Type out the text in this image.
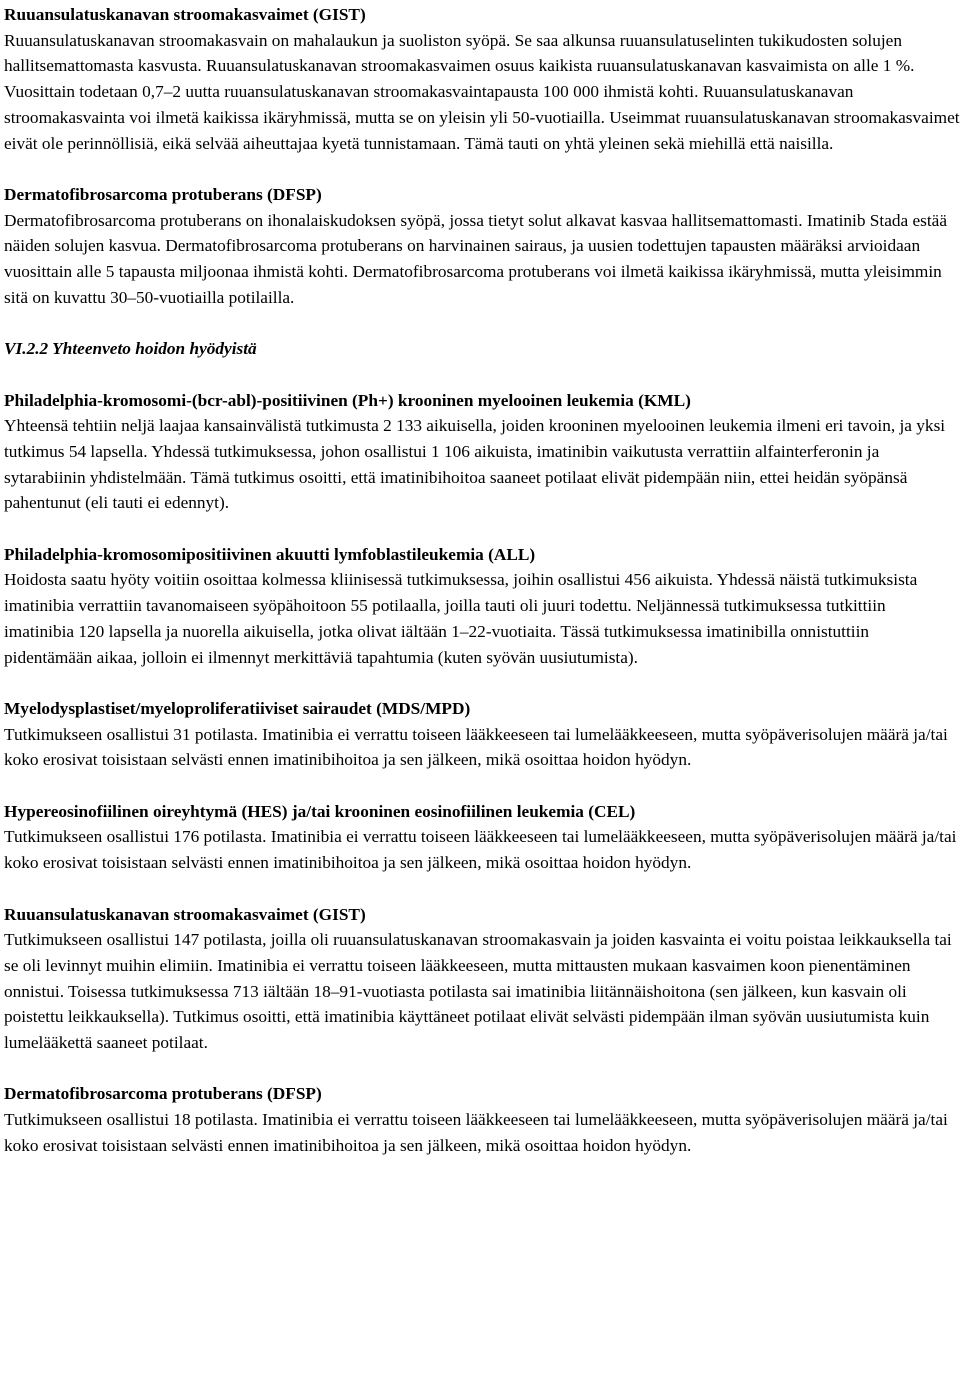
Ruuansulatuskanavan stroomakasvaimet (GIST)

Ruuansulatuskanavan stroomakasvain on mahalaukun ja suoliston syöpä. Se saa alkunsa ruuansulatuselinten tukikudosten solujen hallitsemattomasta kasvusta. Ruuansulatuskanavan stroomakasvaimen osuus kaikista ruuansulatuskanavan kasvaimista on alle 1 %. Vuosittain todetaan 0,7–2 uutta ruuansulatuskanavan stroomakasvaintapausta 100 000 ihmistä kohti. Ruuansulatuskanavan stroomakasvainta voi ilmetä kaikissa ikäryhmissä, mutta se on yleisin yli 50-vuotiailla. Useimmat ruuansulatuskanavan stroomakasvaimet eivät ole perinnöllisiä, eikä selvää aiheuttajaa kyetä tunnistamaan. Tämä tauti on yhtä yleinen sekä miehillä että naisilla.

Dermatofibrosarcoma protuberans (DFSP)

Dermatofibrosarcoma protuberans on ihonalaiskudoksen syöpä, jossa tietyt solut alkavat kasvaa hallitsemattomasti. Imatinib Stada estää näiden solujen kasvua. Dermatofibrosarcoma protuberans on harvinainen sairaus, ja uusien todettujen tapausten määräksi arvioidaan vuosittain alle 5 tapausta miljoonaa ihmistä kohti. Dermatofibrosarcoma protuberans voi ilmetä kaikissa ikäryhmissä, mutta yleisimmin sitä on kuvattu 30–50-vuotiailla potilailla.

VI.2.2 Yhteenveto hoidon hyödyistä

Philadelphia-kromosomi-(bcr-abl)-positiivinen (Ph+) krooninen myelooinen leukemia (KML)

Yhteensä tehtiin neljä laajaa kansainvälistä tutkimusta 2 133 aikuisella, joiden krooninen myelooinen leukemia ilmeni eri tavoin, ja yksi tutkimus 54 lapsella. Yhdessä tutkimuksessa, johon osallistui 1 106 aikuista, imatinibin vaikutusta verrattiin alfainterferonin ja sytarabiinin yhdistelmään. Tämä tutkimus osoitti, että imatinibihoitoa saaneet potilaat elivät pidempään niin, ettei heidän syöpänsä pahentunut (eli tauti ei edennyt).

Philadelphia-kromosomipositiivinen akuutti lymfoblastileukemia (ALL)

Hoidosta saatu hyöty voitiin osoittaa kolmessa kliinisessä tutkimuksessa, joihin osallistui 456 aikuista. Yhdessä näistä tutkimuksista imatinibia verrattiin tavanomaiseen syöpähoitoon 55 potilaalla, joilla tauti oli juuri todettu. Neljännessä tutkimuksessa tutkittiin imatinibia 120 lapsella ja nuorella aikuisella, jotka olivat iältään 1–22-vuotiaita. Tässä tutkimuksessa imatinibilla onnistuttiin pidentämään aikaa, jolloin ei ilmennyt merkittäviä tapahtumia (kuten syövän uusiutumista).

Myelodysplastiset/myeloproliferatiiviset sairaudet (MDS/MPD)

Tutkimukseen osallistui 31 potilasta. Imatinibia ei verrattu toiseen lääkkeeseen tai lumelääkkeeseen, mutta syöpäverisolujen määrä ja/tai koko erosivat toisistaan selvästi ennen imatinibihoitoa ja sen jälkeen, mikä osoittaa hoidon hyödyn.

Hypereosinofiilinen oireyhtymä (HES) ja/tai krooninen eosinofiilinen leukemia (CEL)

Tutkimukseen osallistui 176 potilasta. Imatinibia ei verrattu toiseen lääkkeeseen tai lumelääkkeeseen, mutta syöpäverisolujen määrä ja/tai koko erosivat toisistaan selvästi ennen imatinibihoitoa ja sen jälkeen, mikä osoittaa hoidon hyödyn.

Ruuansulatuskanavan stroomakasvaimet (GIST)

Tutkimukseen osallistui 147 potilasta, joilla oli ruuansulatuskanavan stroomakasvain ja joiden kasvainta ei voitu poistaa leikkauksella tai se oli levinnyt muihin elimiin. Imatinibia ei verrattu toiseen lääkkeeseen, mutta mittausten mukaan kasvaimen koon pienentäminen onnistui. Toisessa tutkimuksessa 713 iältään 18–91-vuotiasta potilasta sai imatinibia liitännäishoitona (sen jälkeen, kun kasvain oli poistettu leikkauksella). Tutkimus osoitti, että imatinibia käyttäneet potilaat elivät selvästi pidempään ilman syövän uusiutumista kuin lumelääkettä saaneet potilaat.

Dermatofibrosarcoma protuberans (DFSP)

Tutkimukseen osallistui 18 potilasta. Imatinibia ei verrattu toiseen lääkkeeseen tai lumelääkkeeseen, mutta syöpäverisolujen määrä ja/tai koko erosivat toisistaan selvästi ennen imatinibihoitoa ja sen jälkeen, mikä osoittaa hoidon hyödyn.
